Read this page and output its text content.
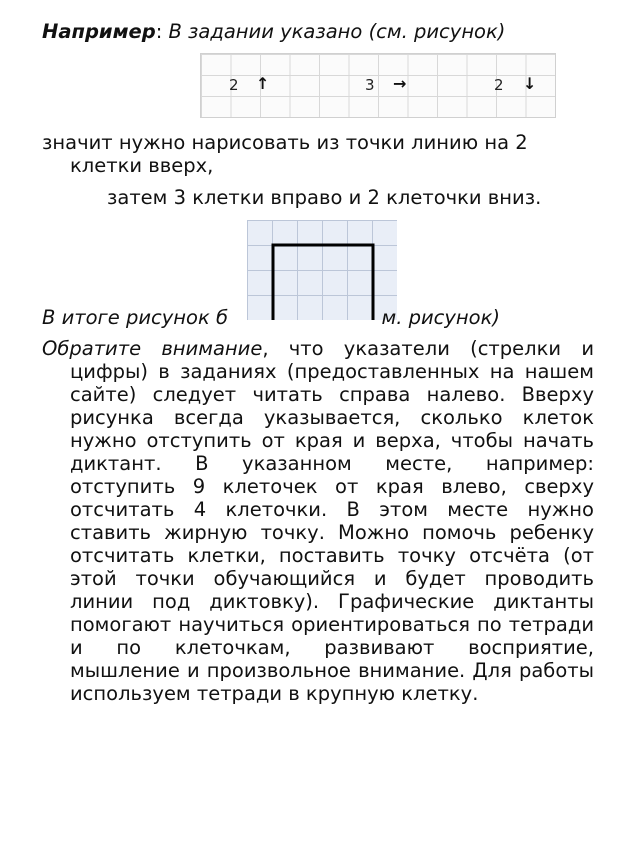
Например: В задании указано (см. рисунок)
2 ↑	3 →	2 ↓
значит нужно нарисовать из точки линию на 2
клетки вверх,
затем 3 клетки вправо и 2 клеточки вниз.
В итоге рисунок б	м. рисунок)
Обратите внимание, что указатели (стрелки и цифры) в заданиях (предоставленных на нашем сайте) следует читать справа налево. Вверху рисунка всегда указывается, сколько клеток нужно отступить от края и верха, чтобы начать диктант. В указанном месте, например: отступить 9 клеточек от края влево, сверху отсчитать 4 клеточки. В этом месте нужно ставить жирную точку. Можно помочь ребенку отсчитать клетки, поставить точку отсчёта (от этой точки обучающийся и будет проводить линии под диктовку). Графические диктанты помогают научиться ориентироваться по тетради и по клеточкам, развивают восприятие, мышление и произвольное внимание. Для работы используем тетради в крупную клетку.
